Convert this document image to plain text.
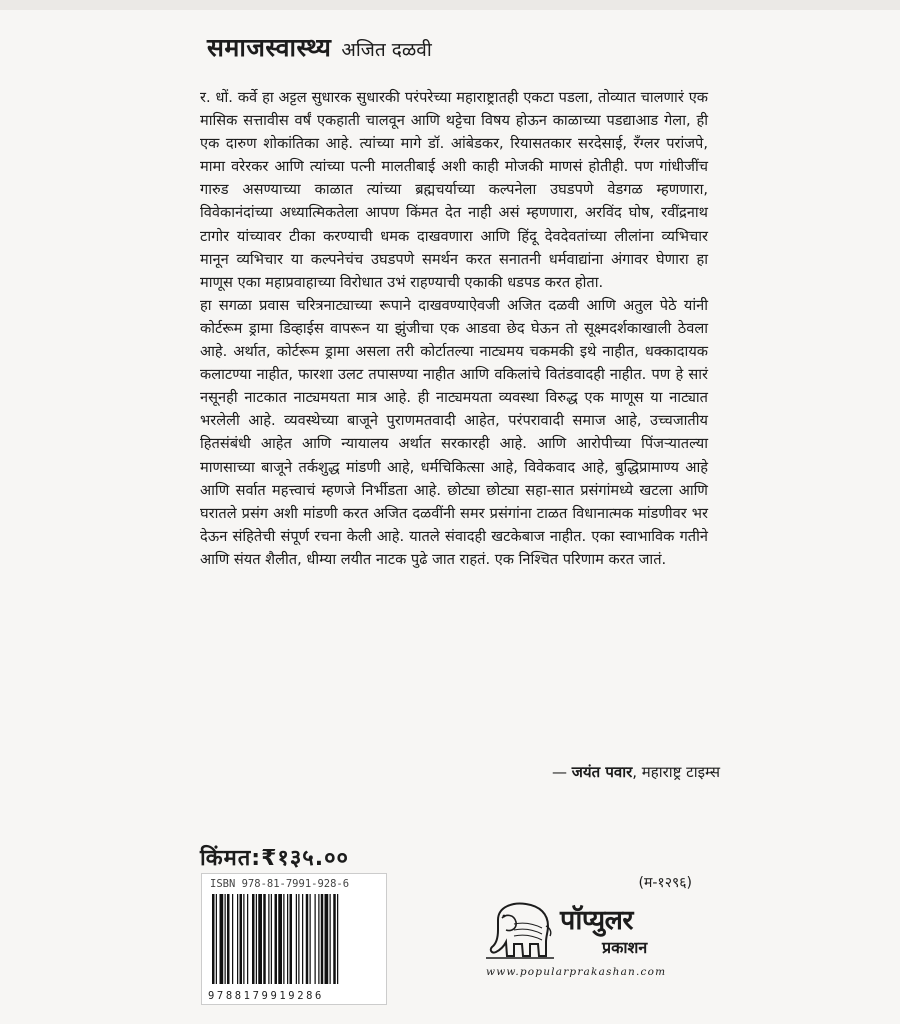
समाजस्वास्थ्य अजित दळवी

र. धों. कर्वे हा अट्टल सुधारक सुधारकी परंपरेच्या महाराष्ट्रातही एकटा पडला, तोव्यात चालणारं एक मासिक सत्तावीस वर्षं एकहाती चालवून आणि थट्टेचा विषय होऊन काळाच्या पडद्याआड गेला, ही एक दारुण शोकांतिका आहे. त्यांच्या मागे डॉ. आंबेडकर, रियासतकार सरदेसाई, रँग्लर परांजपे, मामा वरेरकर आणि त्यांच्या पत्नी मालतीबाई अशी काही मोजकी माणसं होतीही. पण गांधीजींच गारुड असण्याच्या काळात त्यांच्या ब्रह्मचर्याच्या कल्पनेला उघडपणे वेडगळ म्हणणारा, विवेकानंदांच्या अध्यात्मिकतेला आपण किंमत देत नाही असं म्हणणारा, अरविंद घोष, रवींद्रनाथ टागोर यांच्यावर टीका करण्याची धमक दाखवणारा आणि हिंदू देवदेवतांच्या लीलांना व्यभिचार मानून व्यभिचार या कल्पनेचंच उघडपणे समर्थन करत सनातनी धर्मवाद्यांना अंगावर घेणारा हा माणूस एका महाप्रवाहाच्या विरोधात उभं राहण्याची एकाकी धडपड करत होता.

हा सगळा प्रवास चरित्रनाट्याच्या रूपाने दाखवण्याऐवजी अजित दळवी आणि अतुल पेठे यांनी कोर्टरूम ड्रामा डिव्हाईस वापरून या झुंजीचा एक आडवा छेद घेऊन तो सूक्ष्मदर्शकाखाली ठेवला आहे. अर्थात, कोर्टरूम ड्रामा असला तरी कोर्टातल्या नाट्यमय चकमकी इथे नाहीत, धक्कादायक कलाटण्या नाहीत, फारशा उलट तपासण्या नाहीत आणि वकिलांचे वितंडवादही नाहीत. पण हे सारं नसूनही नाटकात नाट्यमयता मात्र आहे. ही नाट्यमयता व्यवस्था विरुद्ध एक माणूस या नाट्यात भरलेली आहे. व्यवस्थेच्या बाजूने पुराणमतवादी आहेत, परंपरावादी समाज आहे, उच्चजातीय हितसंबंधी आहेत आणि न्यायालय अर्थात सरकारही आहे. आणि आरोपीच्या पिंजऱ्यातल्या माणसाच्या बाजूने तर्कशुद्ध मांडणी आहे, धर्मचिकित्सा आहे, विवेकवाद आहे, बुद्धिप्रामाण्य आहे आणि सर्वात महत्त्वाचं म्हणजे निर्भीडता आहे. छोट्या छोट्या सहा-सात प्रसंगांमध्ये खटला आणि घरातले प्रसंग अशी मांडणी करत अजित दळवींनी समर प्रसंगांना टाळत विधानात्मक मांडणीवर भर देऊन संहितेची संपूर्ण रचना केली आहे. यातले संवादही खटकेबाज नाहीत. एका स्वाभाविक गतीने आणि संयत शैलीत, धीम्या लयीत नाटक पुढे जात राहतं. एक निश्चित परिणाम करत जातं.

— जयंत पवार, महाराष्ट्र टाइम्स
किंमत:₹१३५.००
ISBN 978-81-7991-928-6
9788179919286
(म-१२९६)
पॉप्युलर
प्रकाशन
www.popularprakashan.com
